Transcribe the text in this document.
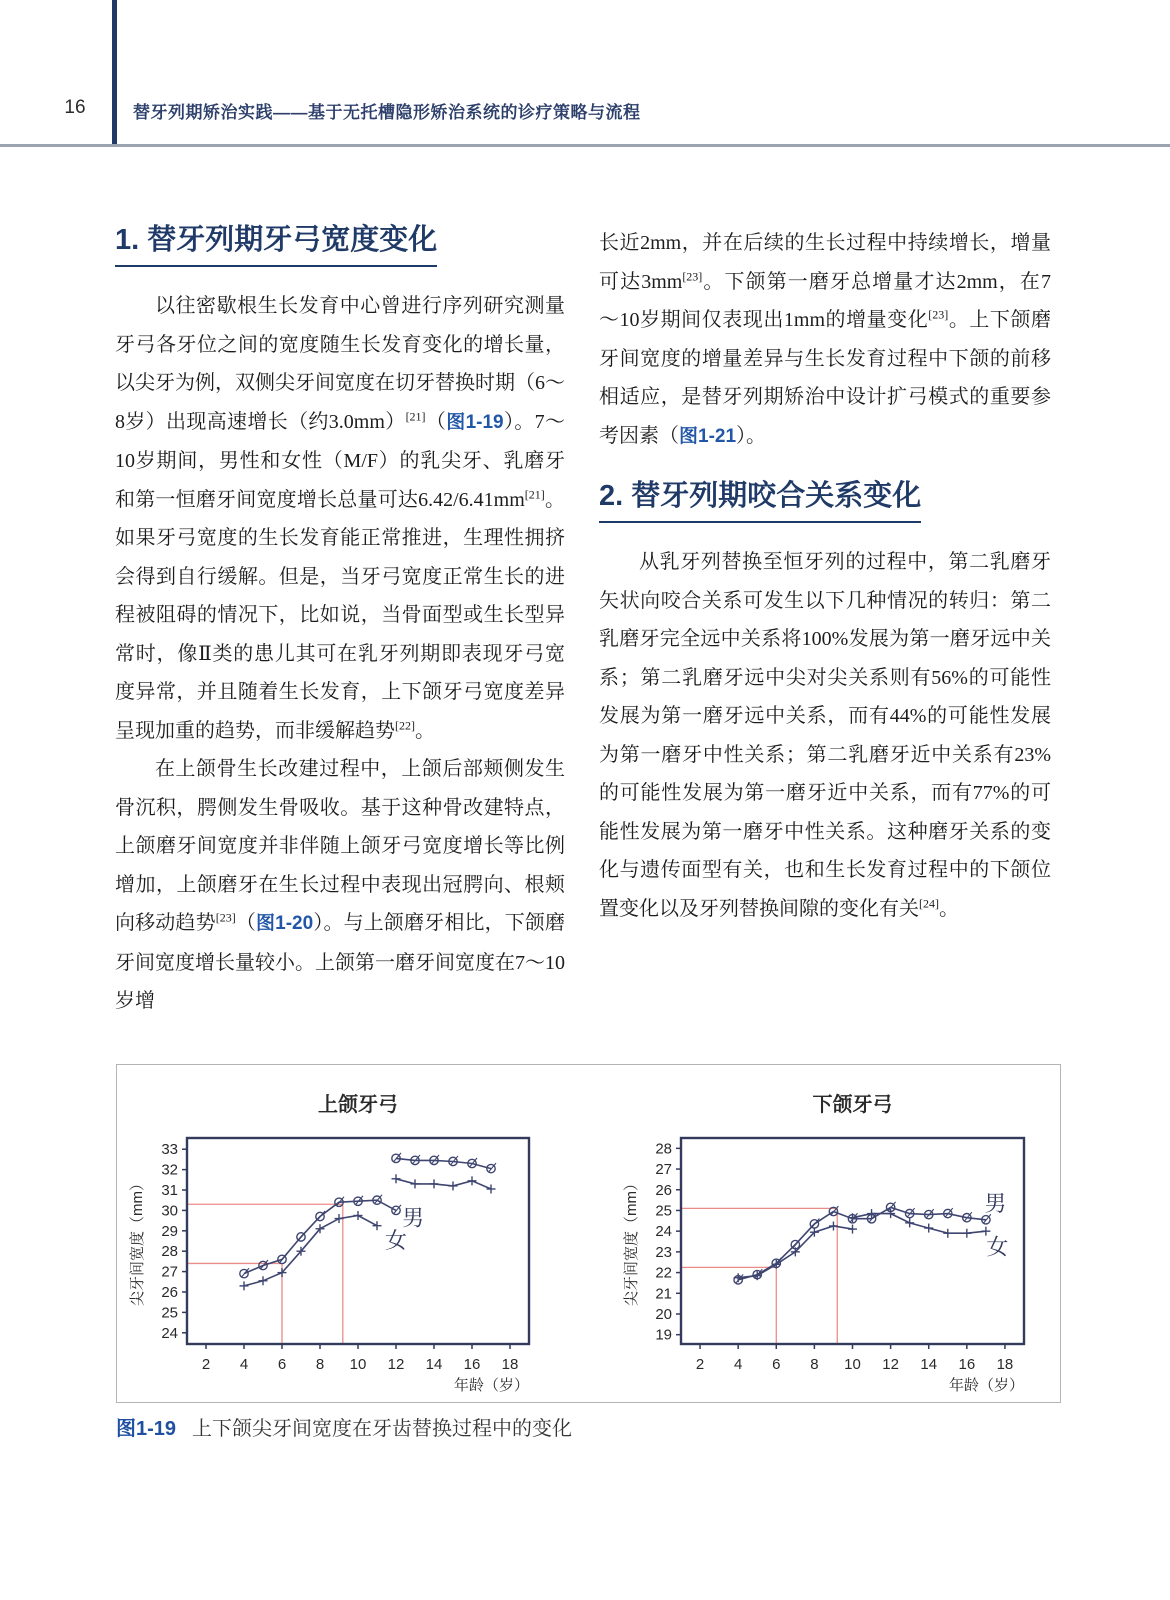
16	替牙列期矫治实践——基于无托槽隐形矫治系统的诊疗策略与流程
1. 替牙列期牙弓宽度变化

以往密歇根生长发育中心曾进行序列研究测量牙弓各牙位之间的宽度随生长发育变化的增长量，以尖牙为例，双侧尖牙间宽度在切牙替换时期（6～8岁）出现高速增长（约3.0mm）[21]（图1-19）。7～10岁期间，男性和女性（M/F）的乳尖牙、乳磨牙和第一恒磨牙间宽度增长总量可达6.42/6.41mm[21]。如果牙弓宽度的生长发育能正常推进，生理性拥挤会得到自行缓解。但是，当牙弓宽度正常生长的进程被阻碍的情况下，比如说，当骨面型或生长型异常时，像Ⅱ类的患儿其可在乳牙列期即表现牙弓宽度异常，并且随着生长发育，上下颌牙弓宽度差异呈现加重的趋势，而非缓解趋势[22]。

在上颌骨生长改建过程中，上颌后部颊侧发生骨沉积，腭侧发生骨吸收。基于这种骨改建特点，上颌磨牙间宽度并非伴随上颌牙弓宽度增长等比例增加，上颌磨牙在生长过程中表现出冠腭向、根颊向移动趋势[23]（图1-20）。与上颌磨牙相比，下颌磨牙间宽度增长量较小。上颌第一磨牙间宽度在7～10岁增

长近2mm，并在后续的生长过程中持续增长，增量可达3mm[23]。下颌第一磨牙总增量才达2mm，在7～10岁期间仅表现出1mm的增量变化[23]。上下颌磨牙间宽度的增量差异与生长发育过程中下颌的前移相适应，是替牙列期矫治中设计扩弓模式的重要参考因素（图1-21）。

2. 替牙列期咬合关系变化

从乳牙列替换至恒牙列的过程中，第二乳磨牙矢状向咬合关系可发生以下几种情况的转归：第二乳磨牙完全远中关系将100%发展为第一磨牙远中关系；第二乳磨牙远中尖对尖关系则有56%的可能性发展为第一磨牙远中关系，而有44%的可能性发展为第一磨牙中性关系；第二乳磨牙近中关系有23%的可能性发展为第一磨牙近中关系，而有77%的可能性发展为第一磨牙中性关系。这种磨牙关系的变化与遗传面型有关，也和生长发育过程中的下颌位置变化以及牙列替换间隙的变化有关[24]。

上颌牙弓
2 4 6 8 10 12 14 16 18
24
25
26
27
28
29
30
31
32
33
尖牙间宽度（mm）
年龄（岁）
男
女
下颌牙弓
2 4 6 8 10 12 14 16 18
19
20
21
22
23
24
25
26
27
28
尖牙间宽度（mm）
年龄（岁）
男
女
图1-19 上下颌尖牙间宽度在牙齿替换过程中的变化
